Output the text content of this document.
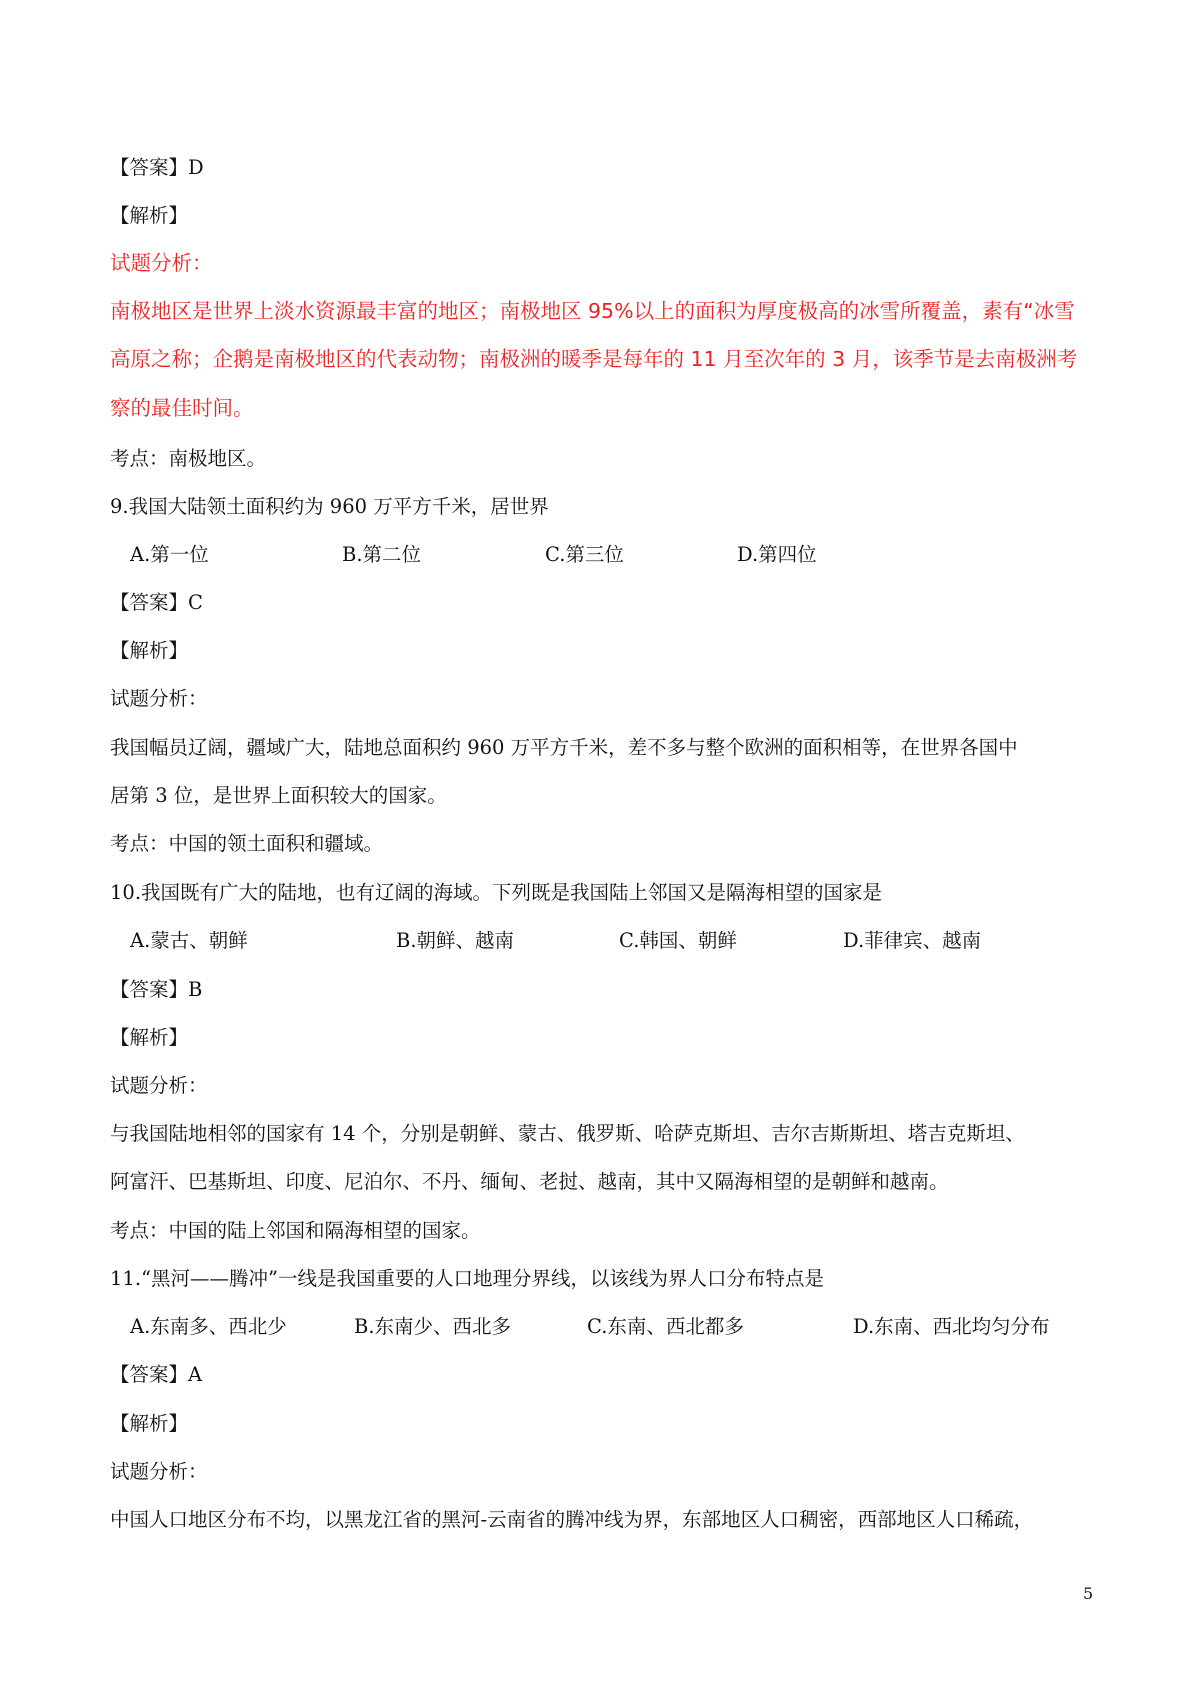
【答案】D
【解析】
试题分析：
南极地区是世界上淡水资源最丰富的地区；南极地区 95%以上的面积为厚度极高的冰雪所覆盖，素有“冰雪
高原之称；企鹅是南极地区的代表动物；南极洲的暖季是每年的 11 月至次年的 3 月，该季节是去南极洲考
察的最佳时间。
考点：南极地区。
9.我国大陆领土面积约为 960 万平方千米，居世界
A.第一位	B.第二位	C.第三位	D.第四位
【答案】C
【解析】
试题分析：
我国幅员辽阔，疆域广大，陆地总面积约 960 万平方千米，差不多与整个欧洲的面积相等，在世界各国中
居第 3 位，是世界上面积较大的国家。
考点：中国的领土面积和疆域。
10.我国既有广大的陆地，也有辽阔的海域。下列既是我国陆上邻国又是隔海相望的国家是
A.蒙古、朝鲜	B.朝鲜、越南	C.韩国、朝鲜	D.菲律宾、越南
【答案】B
【解析】
试题分析：
与我国陆地相邻的国家有 14 个，分别是朝鲜、蒙古、俄罗斯、哈萨克斯坦、吉尔吉斯斯坦、塔吉克斯坦、
阿富汗、巴基斯坦、印度、尼泊尔、不丹、缅甸、老挝、越南，其中又隔海相望的是朝鲜和越南。
考点：中国的陆上邻国和隔海相望的国家。
11.“黑河——腾冲”一线是我国重要的人口地理分界线，以该线为界人口分布特点是
A.东南多、西北少	B.东南少、西北多	C.东南、西北都多	D.东南、西北均匀分布
【答案】A
【解析】
试题分析：
中国人口地区分布不均，以黑龙江省的黑河-云南省的腾冲线为界，东部地区人口稠密，西部地区人口稀疏，
5
